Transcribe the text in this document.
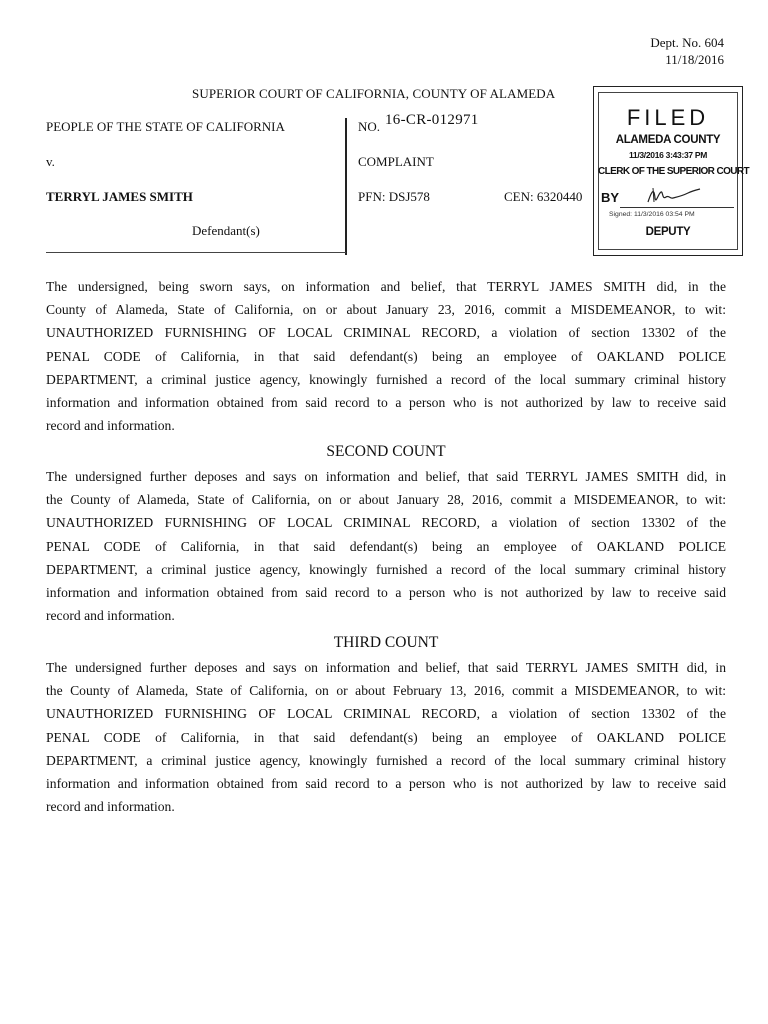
Dept. No. 604
11/18/2016
SUPERIOR COURT OF CALIFORNIA, COUNTY OF ALAMEDA
PEOPLE OF THE STATE OF CALIFORNIA
v.
TERRYL JAMES SMITH
Defendant(s)
NO. 16-CR-012971
COMPLAINT
PFN: DSJ578	CEN: 6320440
FILED
ALAMEDA COUNTY
11/3/2016 3:43:37 PM
CLERK OF THE SUPERIOR COURT
BY
Signed: 11/3/2016 03:54 PM
DEPUTY
The undersigned, being sworn says, on information and belief, that TERRYL JAMES SMITH did, in the
County of Alameda, State of California, on or about January 23, 2016, commit a MISDEMEANOR, to wit:
UNAUTHORIZED FURNISHING OF LOCAL CRIMINAL RECORD, a violation of section 13302 of the
PENAL CODE of California, in that said defendant(s) being an employee of OAKLAND POLICE
DEPARTMENT, a criminal justice agency, knowingly furnished a record of the local summary criminal history
information and information obtained from said record to a person who is not authorized by law to receive said
record and information.
SECOND COUNT
The undersigned further deposes and says on information and belief, that said TERRYL JAMES SMITH did, in
the County of Alameda, State of California, on or about January 28, 2016, commit a MISDEMEANOR, to wit:
UNAUTHORIZED FURNISHING OF LOCAL CRIMINAL RECORD, a violation of section 13302 of the
PENAL CODE of California, in that said defendant(s) being an employee of OAKLAND POLICE
DEPARTMENT, a criminal justice agency, knowingly furnished a record of the local summary criminal history
information and information obtained from said record to a person who is not authorized by law to receive said
record and information.
THIRD COUNT
The undersigned further deposes and says on information and belief, that said TERRYL JAMES SMITH did, in
the County of Alameda, State of California, on or about February 13, 2016, commit a MISDEMEANOR, to wit:
UNAUTHORIZED FURNISHING OF LOCAL CRIMINAL RECORD, a violation of section 13302 of the
PENAL CODE of California, in that said defendant(s) being an employee of OAKLAND POLICE
DEPARTMENT, a criminal justice agency, knowingly furnished a record of the local summary criminal history
information and information obtained from said record to a person who is not authorized by law to receive said
record and information.
